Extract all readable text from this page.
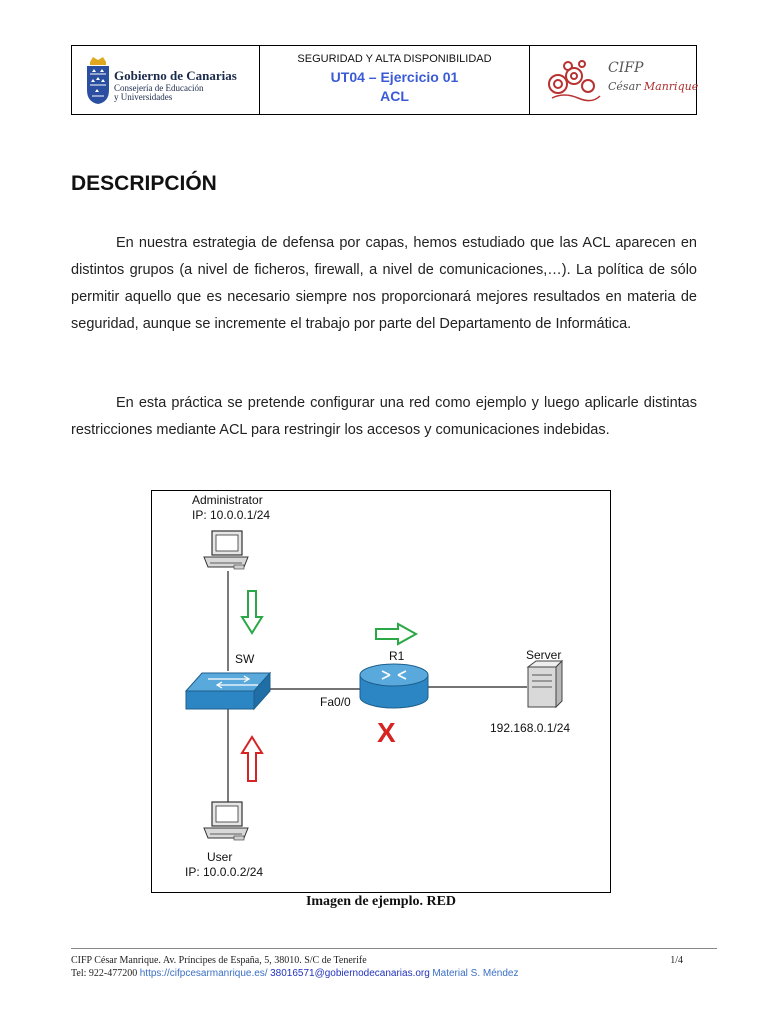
Gobierno de Canarias
Consejería de Educación
y Universidades
SEGURIDAD Y ALTA DISPONIBILIDAD
UT04 – Ejercicio 01
ACL
CIFP
César Manrique
DESCRIPCIÓN

En nuestra estrategia de defensa por capas, hemos estudiado que las ACL aparecen en distintos grupos (a nivel de ficheros, firewall, a nivel de comunicaciones,…). La política de sólo permitir aquello que es necesario siempre nos proporcionará mejores resultados en materia de seguridad, aunque se incremente el trabajo por parte del Departamento de Informática.

En esta práctica se pretende configurar una red como ejemplo y luego aplicarle distintas restricciones mediante ACL para restringir los accesos y comunicaciones indebidas.

Administrator
IP: 10.0.0.1/24
SW	R1
Fa0/0
Server
192.168.0.1/24
X
User
IP: 10.0.0.2/24
Imagen de ejemplo. RED
CIFP César Manrique. Av. Príncipes de España, 5, 38010. S/C de Tenerife	1/4
Tel: 922-477200 https://cifpcesarmanrique.es/ 38016571@gobiernodecanarias.org Material S. Méndez
